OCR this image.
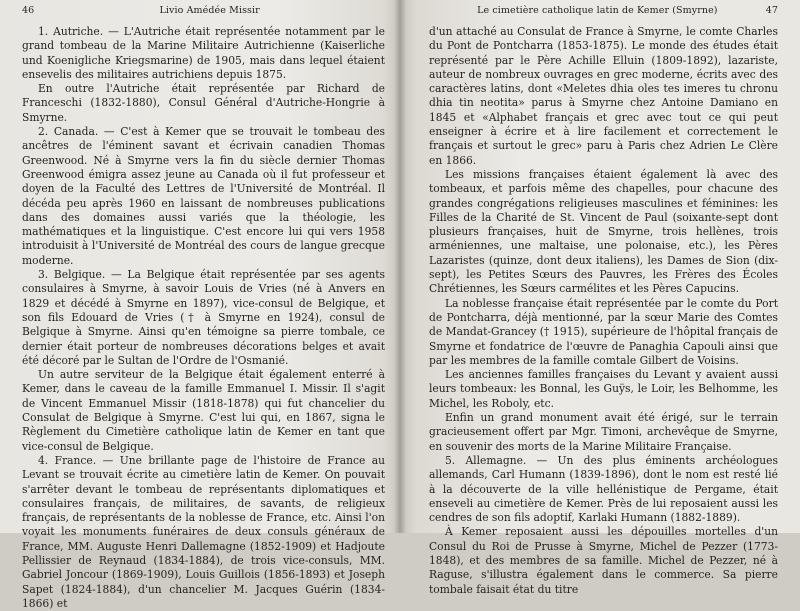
46	Livio Amédée Missir

1. Autriche. — L'Autriche était représentée notamment par le grand tombeau de la Marine Militaire Autrichienne (Kaiserliche und Koenigliche Kriegsmarine) de 1905, mais dans lequel étaient ensevelis des militaires autrichiens depuis 1875.

En outre l'Autriche était représentée par Richard de Franceschi (1832-1880), Consul Général d'Autriche-Hongrie à Smyrne.

2. Canada. — C'est à Kemer que se trouvait le tombeau des ancêtres de l'éminent savant et écrivain canadien Thomas Greenwood. Né à Smyrne vers la fin du siècle dernier Thomas Greenwood émigra assez jeune au Canada où il fut professeur et doyen de la Faculté des Lettres de l'Université de Montréal. Il décéda peu après 1960 en laissant de nombreuses publications dans des domaines aussi variés que la théologie, les mathématiques et la linguistique. C'est encore lui qui vers 1958 introduisit à l'Université de Montréal des cours de langue grecque moderne.

3. Belgique. — La Belgique était représentée par ses agents consulaires à Smyrne, à savoir Louis de Vries (né à Anvers en 1829 et décédé à Smyrne en 1897), vice-consul de Belgique, et son fils Edouard de Vries († à Smyrne en 1924), consul de Belgique à Smyrne. Ainsi qu'en témoigne sa pierre tombale, ce dernier était porteur de nombreuses décorations belges et avait été décoré par le Sultan de l'Ordre de l'Osmanié.

Un autre serviteur de la Belgique était également enterré à Kemer, dans le caveau de la famille Emmanuel I. Missir. Il s'agit de Vincent Emmanuel Missir (1818-1878) qui fut chancelier du Consulat de Belgique à Smyrne. C'est lui qui, en 1867, signa le Règlement du Cimetière catholique latin de Kemer en tant que vice-consul de Belgique.

4. France. — Une brillante page de l'histoire de France au Levant se trouvait écrite au cimetière latin de Kemer. On pouvait s'arrêter devant le tombeau de représentants diplomatiques et consulaires français, de militaires, de savants, de religieux français, de représentants de la noblesse de France, etc. Ainsi l'on voyait les monuments funéraires de deux consuls généraux de France, MM. Auguste Henri Dallemagne (1852-1909) et Hadjoute Pellissier de Reynaud (1834-1884), de trois vice-consuls, MM. Gabriel Joncour (1869-1909), Louis Guillois (1856-1893) et Joseph Sapet (1824-1884), d'un chancelier M. Jacques Guérin (1834-1866) et

Le cimetière catholique latin de Kemer (Smyrne)	47

d'un attaché au Consulat de France à Smyrne, le comte Charles du Pont de Pontcharra (1853-1875). Le monde des études était représenté par le Père Achille Elluin (1809-1892), lazariste, auteur de nombreux ouvrages en grec moderne, écrits avec des caractères latins, dont «Meletes dhia oles tes imeres tu chronu dhia tin neotita» parus à Smyrne chez Antoine Damiano en 1845 et «Alphabet français et grec avec tout ce qui peut enseigner à écrire et à lire facilement et correctement le français et surtout le grec» paru à Paris chez Adrien Le Clère en 1866.

Les missions françaises étaient également là avec des tombeaux, et parfois même des chapelles, pour chacune des grandes congrégations religieuses masculines et féminines: les Filles de la Charité de St. Vincent de Paul (soixante-sept dont plusieurs françaises, huit de Smyrne, trois hellènes, trois arméniennes, une maltaise, une polonaise, etc.), les Pères Lazaristes (quinze, dont deux italiens), les Dames de Sion (dix-sept), les Petites Sœurs des Pauvres, les Frères des Écoles Chrétiennes, les Sœurs carmélites et les Pères Capucins.

La noblesse française était représentée par le comte du Port de Pontcharra, déjà mentionné, par la sœur Marie des Comtes de Mandat-Grancey († 1915), supérieure de l'hôpital français de Smyrne et fondatrice de l'œuvre de Panaghia Capouli ainsi que par les membres de la famille comtale Gilbert de Voisins.

Les anciennes familles françaises du Levant y avaient aussi leurs tombeaux: les Bonnal, les Guÿs, le Loir, les Belhomme, les Michel, les Roboly, etc.

Enfin un grand monument avait été érigé, sur le terrain gracieusement offert par Mgr. Timoni, archevêque de Smyrne, en souvenir des morts de la Marine Militaire Française.

5. Allemagne. — Un des plus éminents archéologues allemands, Carl Humann (1839-1896), dont le nom est resté lié à la découverte de la ville hellénistique de Pergame, était enseveli au cimetière de Kemer. Près de lui reposaient aussi les cendres de son fils adoptif, Karlaki Humann (1882-1889).

À Kemer reposaient aussi les dépouilles mortelles d'un Consul du Roi de Prusse à Smyrne, Michel de Pezzer (1773-1848), et des membres de sa famille. Michel de Pezzer, né à Raguse, s'illustra également dans le commerce. Sa pierre tombale faisait état du titre
